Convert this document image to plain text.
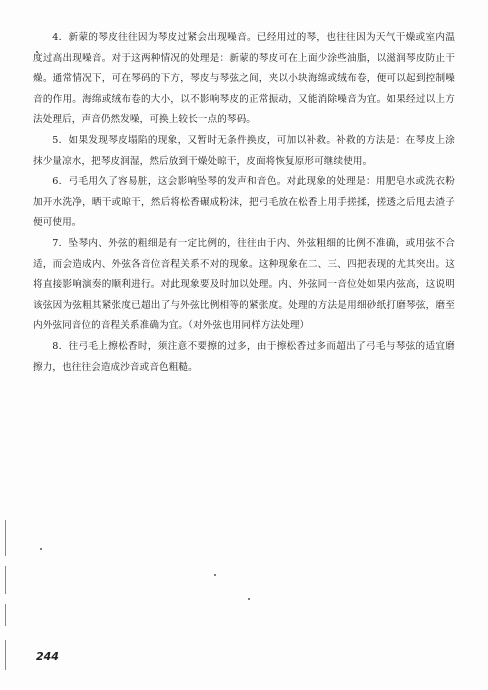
4．新蒙的琴皮往往因为琴皮过紧会出现噪音。已经用过的琴，也往往因为天气干燥或室内温度过高出现噪音。对于这两种情况的处理是：新蒙的琴皮可在上面少涂些油脂，以滋润琴皮防止干燥。通常情况下，可在琴码的下方，琴皮与琴弦之间，夹以小块海绵或绒布卷，便可以起到控制噪音的作用。海绵或绒布卷的大小，以不影响琴皮的正常振动，又能消除噪音为宜。如果经过以上方法处理后，声音仍然发噪，可换上较长一点的琴码。

5．如果发现琴皮塌陷的现象，又暂时无条件换皮，可加以补救。补救的方法是：在琴皮上涂抹少量凉水，把琴皮润湿，然后放到干燥处晾干，皮面将恢复原形可继续使用。

6．弓毛用久了容易脏，这会影响坠琴的发声和音色。对此现象的处理是：用肥皂水或洗衣粉加开水洗净，晒干或晾干，然后将松香碾成粉沫，把弓毛放在松香上用手搓揉，搓透之后甩去渣子便可使用。

7．坠琴内、外弦的粗细是有一定比例的，往往由于内、外弦粗细的比例不准确，或用弦不合适，而会造成内、外弦各音位音程关系不对的现象。这种现象在二、三、四把表现的尤其突出。这将直接影响演奏的顺利进行。对此现象要及时加以处理。内、外弦同一音位处如果内弦高，这说明该弦因为弦粗其紧张度已超出了与外弦比例相等的紧张度。处理的方法是用细砂纸打磨琴弦，磨至内外弦同音位的音程关系准确为宜。（对外弦也用同样方法处理）

8．往弓毛上擦松香时，须注意不要擦的过多，由于擦松香过多而超出了弓毛与琴弦的适宜磨擦力，也往往会造成沙音或音色粗糙。

244
